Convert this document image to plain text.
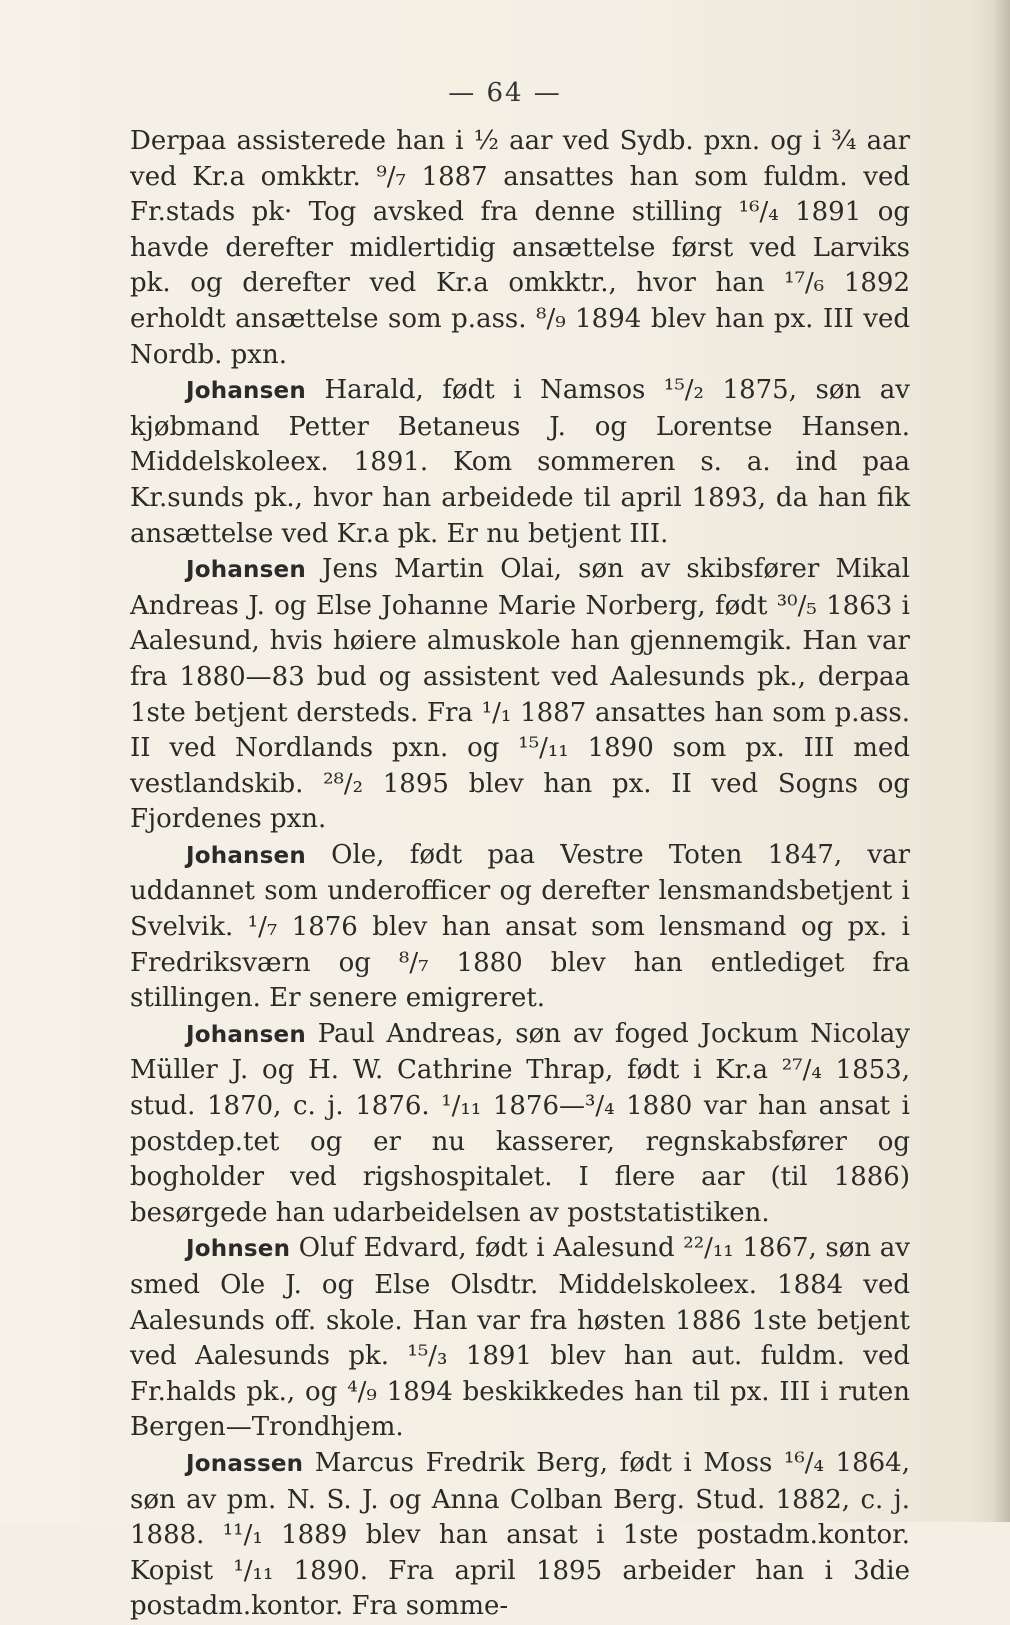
— 64 —

Derpaa assisterede han i ½ aar ved Sydb. pxn. og i ¾ aar ved Kr.a omkktr. ⁹/₇ 1887 ansattes han som fuldm. ved Fr.stads pk· Tog avsked fra denne stilling ¹⁶/₄ 1891 og havde derefter midlertidig ansættelse først ved Larviks pk. og derefter ved Kr.a omkktr., hvor han ¹⁷/₆ 1892 erholdt ansættelse som p.ass. ⁸/₉ 1894 blev han px. III ved Nordb. pxn.

Johansen Harald, født i Namsos ¹⁵/₂ 1875, søn av kjøbmand Petter Betaneus J. og Lorentse Hansen. Middelskoleex. 1891. Kom sommeren s. a. ind paa Kr.sunds pk., hvor han arbeidede til april 1893, da han fik ansættelse ved Kr.a pk. Er nu betjent III.

Johansen Jens Martin Olai, søn av skibsfører Mikal Andreas J. og Else Johanne Marie Norberg, født ³⁰/₅ 1863 i Aalesund, hvis høiere almuskole han gjennemgik. Han var fra 1880—83 bud og assistent ved Aalesunds pk., derpaa 1ste betjent dersteds. Fra ¹/₁ 1887 ansattes han som p.ass. II ved Nordlands pxn. og ¹⁵/₁₁ 1890 som px. III med vestlandskib. ²⁸/₂ 1895 blev han px. II ved Sogns og Fjordenes pxn.

Johansen Ole, født paa Vestre Toten 1847, var uddannet som underofficer og derefter lensmandsbetjent i Svelvik. ¹/₇ 1876 blev han ansat som lensmand og px. i Fredriksværn og ⁸/₇ 1880 blev han entlediget fra stillingen. Er senere emigreret.

Johansen Paul Andreas, søn av foged Jockum Nicolay Müller J. og H. W. Cathrine Thrap, født i Kr.a ²⁷/₄ 1853, stud. 1870, c. j. 1876. ¹/₁₁ 1876—³/₄ 1880 var han ansat i postdep.tet og er nu kasserer, regnskabsfører og bogholder ved rigshospitalet. I flere aar (til 1886) besørgede han udarbeidelsen av poststatistiken.

Johnsen Oluf Edvard, født i Aalesund ²²/₁₁ 1867, søn av smed Ole J. og Else Olsdtr. Middelskoleex. 1884 ved Aalesunds off. skole. Han var fra høsten 1886 1ste betjent ved Aalesunds pk. ¹⁵/₃ 1891 blev han aut. fuldm. ved Fr.halds pk., og ⁴/₉ 1894 beskikkedes han til px. III i ruten Bergen—Trondhjem.

Jonassen Marcus Fredrik Berg, født i Moss ¹⁶/₄ 1864, søn av pm. N. S. J. og Anna Colban Berg. Stud. 1882, c. j. 1888. ¹¹/₁ 1889 blev han ansat i 1ste postadm.kontor. Kopist ¹/₁₁ 1890. Fra april 1895 arbeider han i 3die postadm.kontor. Fra somme-
